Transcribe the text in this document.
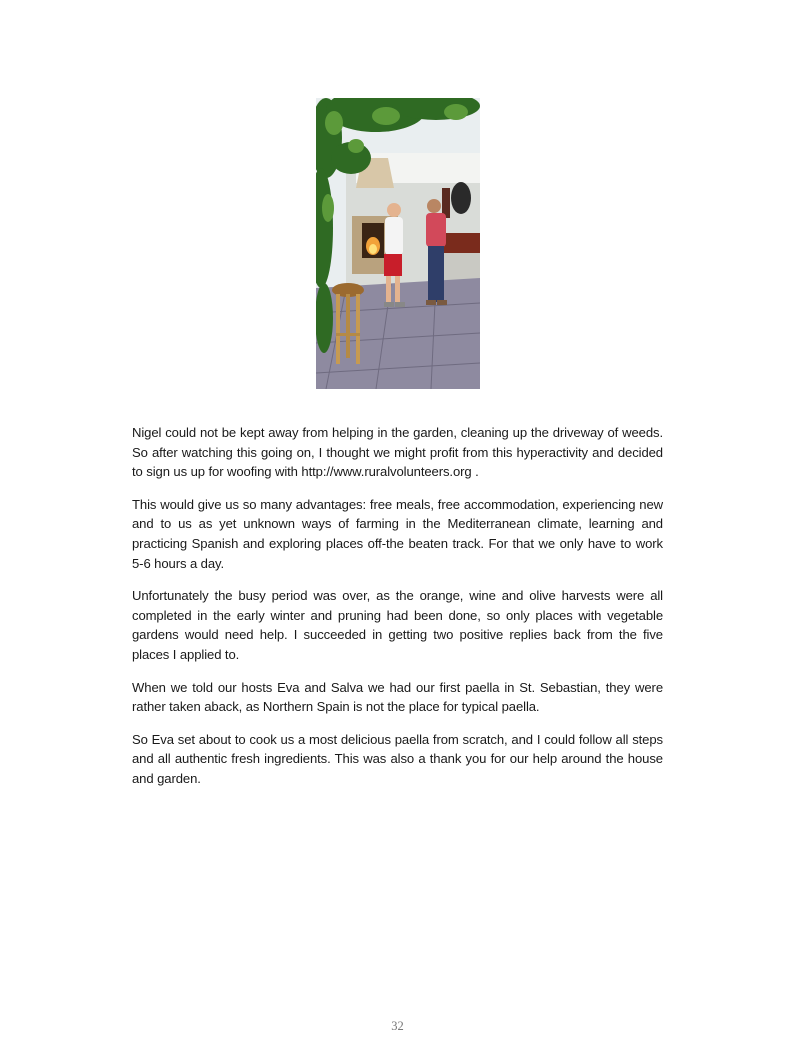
Nigel could not be kept away from helping in the garden, cleaning up the driveway of weeds. So after watching this going on, I thought we might profit from this hyperactivity and decided to sign us up for woofing with http://www.ruralvolunteers.org .

This would give us so many advantages: free meals, free accommodation, experiencing new and to us as yet unknown ways of farming in the Mediterranean climate, learning and practicing Spanish and exploring places off-the beaten track. For that we only have to work 5-6 hours a day.

Unfortunately the busy period was over, as the orange, wine and olive harvests were all completed in the early winter and pruning had been done, so only places with vegetable gardens would need help. I succeeded in getting two positive replies back from the five places I applied to.

When we told our hosts Eva and Salva we had our first paella in St. Sebastian, they were rather taken aback, as Northern Spain is not the place for typical paella.

So Eva set about to cook us a most delicious paella from scratch, and I could follow all steps and all authentic fresh ingredients. This was also a thank you for our help around the house and garden.

32
